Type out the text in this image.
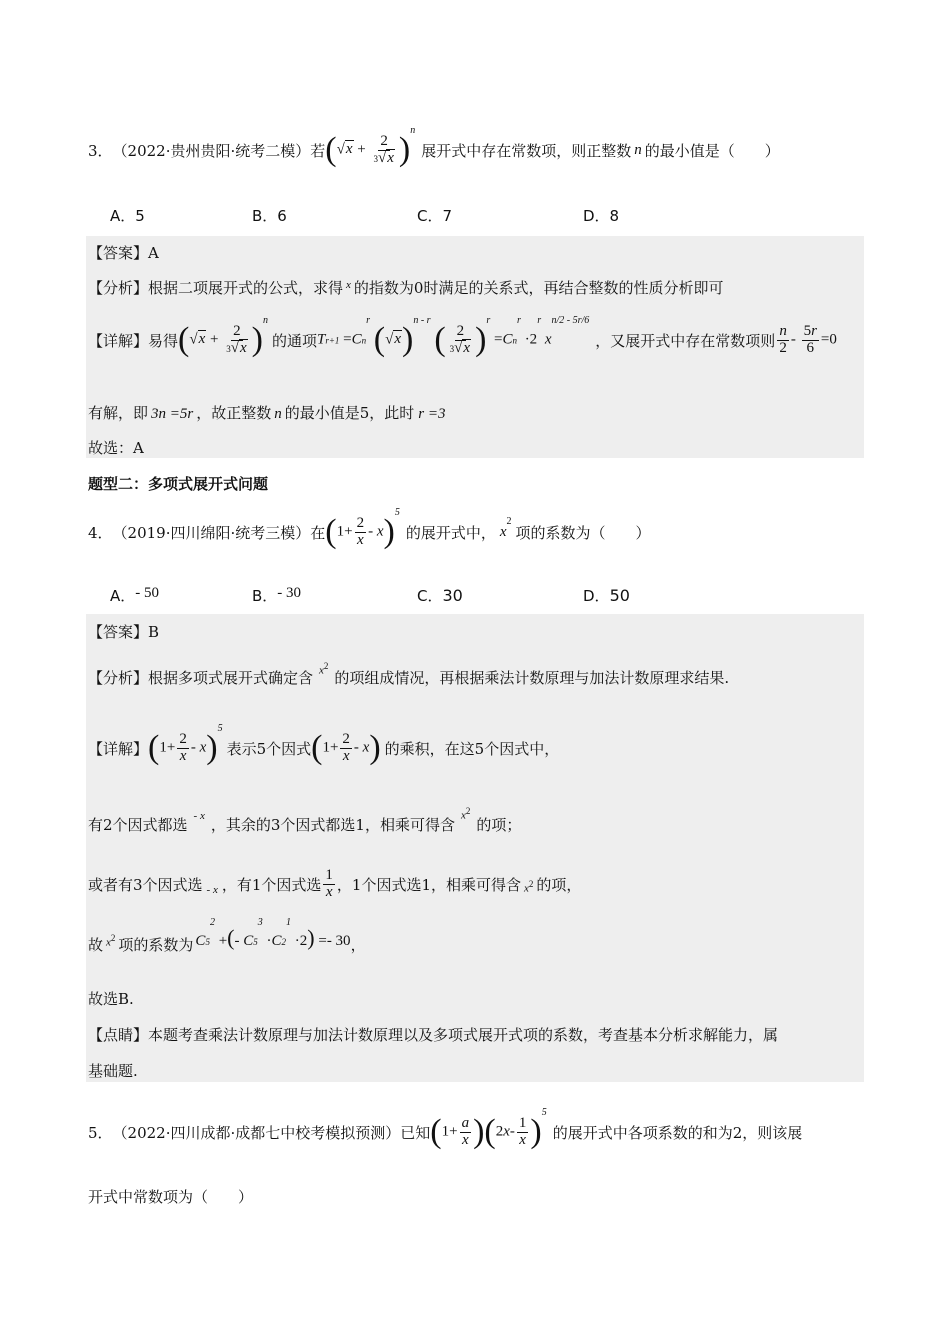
3． （2022·贵州贵阳·统考二模）若 $(√x + \frac{2}{3√x} )^n$
展开式中存在常数项，则正整数 n 的最小值是（　　）
A．5	B．6	C．7	D．8
【答案】A
【分析】根据二项展开式的公式，求得 $^x$ 的指数为0时满足的关系式，再结合整数的性质分析即可
【详解】易得 $(√x + \frac{2}{3√x} )^n$
的通项 $Tr+1 =Cn^r$ $(√x)^{n - r}$ ( $\frac{2}{3√x} )^r =Cn^r \cdot 2^r$ $x^{n/2 - 5r/6}$
，又展开式中存在常数项则 $\frac{n}{2} - \frac{5r}{6} =0$
有解，即 3n =5r ，故正整数 n 的最小值是5，此时 r =3
故选：A
题型二：多项式展开式问题
4． （2019·四川绵阳·统考三模）在 $(1+ \frac{2}{x} - x)^5$
的展开式中， $x^2$
项的系数为（　　）
A．- 50	B．- 30	C．30	D．50
【答案】B
【分析】根据多项式展开式确定含 $x^2$
的项组成情况，再根据乘法计数原理与加法计数原理求结果.
【详解】 $(1+ \frac{2}{x} - x)^5$
表示5个因式 $(1+ \frac{2}{x} - x)$ 的乘积，在这5个因式中，
有2个因式都选 - x ，其余的3个因式都选1，相乘可得含 $x^2$
的项；
或者有3个因式选 - x ，有1个因式选 $\frac{1}{x}$ ，1个因式选1，相乘可得含 $x^2$ 的项，
故 $x^2$ 项的系数为 $C5^2$ +(- $C5^3 \cdot C2^1 \cdot 2) =- 30$ ，
故选B.
【点睛】本题考查乘法计数原理与加法计数原理以及多项式展开式项的系数，考查基本分析求解能力，属
基础题.
5． （2022·四川成都·成都七中校考模拟预测）已知 $(1+ \frac{a}{x} )(2x- \frac{1}{x} )^5$
的展开式中各项系数的和为2，则该展
开式中常数项为（　　）
